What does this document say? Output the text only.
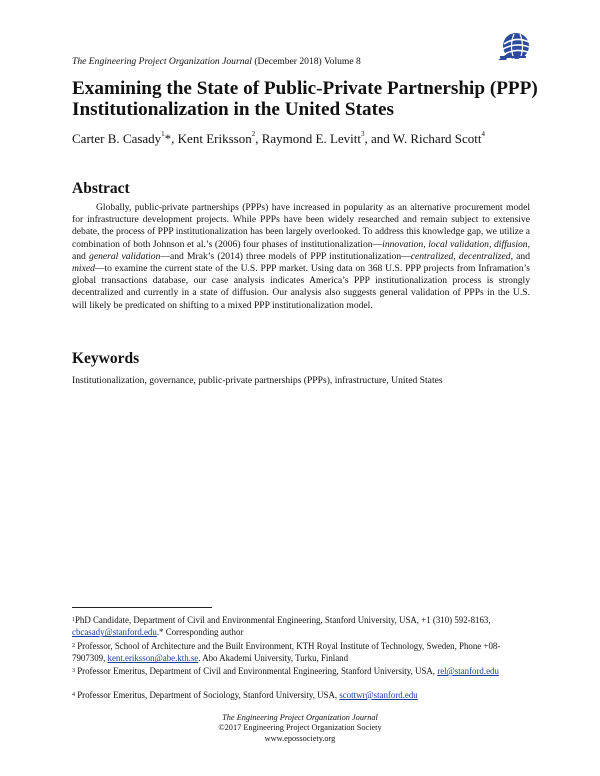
The Engineering Project Organization Journal (December 2018) Volume 8
Examining the State of Public-Private Partnership (PPP) Institutionalization in the United States
Carter B. Casady$^1$*, Kent Eriksson$^2$, Raymond E. Levitt$^3$, and W. Richard Scott$^4$
Abstract
Globally, public-private partnerships (PPPs) have increased in popularity as an alternative procurement model for infrastructure development projects. While PPPs have been widely researched and remain subject to extensive debate, the process of PPP institutionalization has been largely overlooked. To address this knowledge gap, we utilize a combination of both Johnson et al.’s (2006) four phases of institutionalization—innovation, local validation, diffusion, and general validation—and Mrak’s (2014) three models of PPP institutionalization—centralized, decentralized, and mixed—to examine the current state of the U.S. PPP market. Using data on 368 U.S. PPP projects from Inframation’s global transactions database, our case analysis indicates America’s PPP institutionalization process is strongly decentralized and currently in a state of diffusion. Our analysis also suggests general validation of PPPs in the U.S. will likely be predicated on shifting to a mixed PPP institutionalization model.
Keywords
Institutionalization, governance, public-private partnerships (PPPs), infrastructure, United States
$^1$PhD Candidate, Department of Civil and Environmental Engineering, Stanford University, USA, +1 (310) 592-8163, cbcasady@stanford.edu.* Corresponding author
$^2$ Professor, School of Architecture and the Built Environment, KTH Royal Institute of Technology, Sweden, Phone +08-7907309, kent.eriksson@abe.kth.se. Abo Akademi University, Turku, Finland
$^3$ Professor Emeritus, Department of Civil and Environmental Engineering, Stanford University, USA, rel@stanford.edu
$^4$ Professor Emeritus, Department of Sociology, Stanford University, USA, scottwr@stanford.edu
The Engineering Project Organization Journal
©2017 Engineering Project Organization Society
www.epossociety.org
